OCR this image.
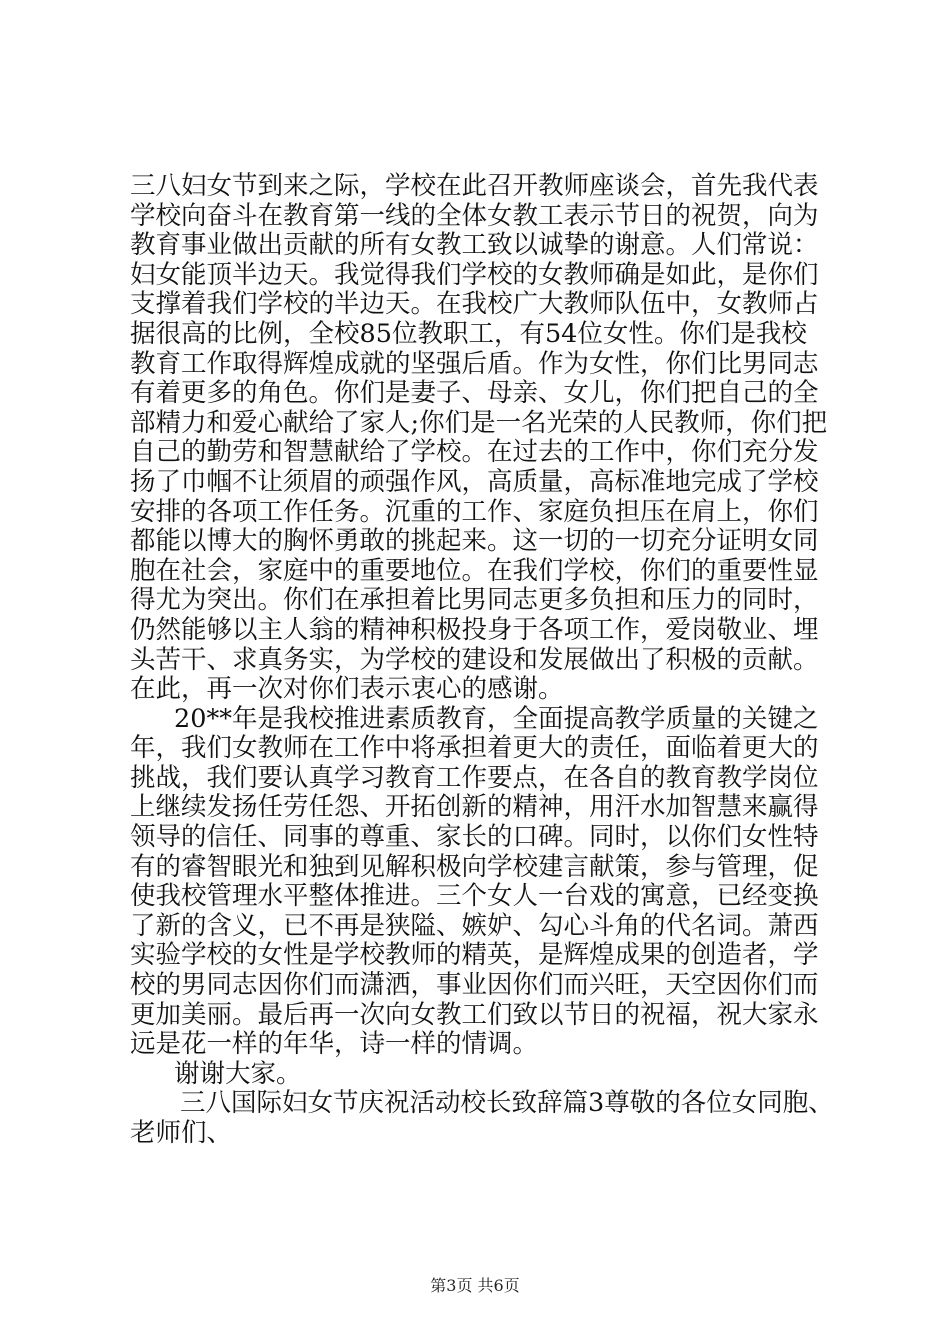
三八妇女节到来之际，学校在此召开教师座谈会，首先我代表
学校向奋斗在教育第一线的全体女教工表示节日的祝贺，向为
教育事业做出贡献的所有女教工致以诚挚的谢意。人们常说：
妇女能顶半边天。我觉得我们学校的女教师确是如此，是你们
支撑着我们学校的半边天。在我校广大教师队伍中，女教师占
据很高的比例，全校85位教职工，有54位女性。你们是我校
教育工作取得辉煌成就的坚强后盾。作为女性，你们比男同志
有着更多的角色。你们是妻子、母亲、女儿，你们把自己的全
部精力和爱心献给了家人;你们是一名光荣的人民教师，你们把
自己的勤劳和智慧献给了学校。在过去的工作中，你们充分发
扬了巾帼不让须眉的顽强作风，高质量，高标准地完成了学校
安排的各项工作任务。沉重的工作、家庭负担压在肩上，你们
都能以博大的胸怀勇敢的挑起来。这一切的一切充分证明女同
胞在社会，家庭中的重要地位。在我们学校，你们的重要性显
得尤为突出。你们在承担着比男同志更多负担和压力的同时，
仍然能够以主人翁的精神积极投身于各项工作，爱岗敬业、埋
头苦干、求真务实，为学校的建设和发展做出了积极的贡献。
在此，再一次对你们表示衷心的感谢。
20**年是我校推进素质教育，全面提高教学质量的关键之
年，我们女教师在工作中将承担着更大的责任，面临着更大的
挑战，我们要认真学习教育工作要点，在各自的教育教学岗位
上继续发扬任劳任怨、开拓创新的精神，用汗水加智慧来赢得
领导的信任、同事的尊重、家长的口碑。同时，以你们女性特
有的睿智眼光和独到见解积极向学校建言献策，参与管理，促
使我校管理水平整体推进。三个女人一台戏的寓意，已经变换
了新的含义，已不再是狭隘、嫉妒、勾心斗角的代名词。萧西
实验学校的女性是学校教师的精英，是辉煌成果的创造者，学
校的男同志因你们而潇洒，事业因你们而兴旺，天空因你们而
更加美丽。最后再一次向女教工们致以节日的祝福，祝大家永
远是花一样的年华，诗一样的情调。
谢谢大家。
三八国际妇女节庆祝活动校长致辞篇3尊敬的各位女同胞、
老师们、
第3页 共6页
